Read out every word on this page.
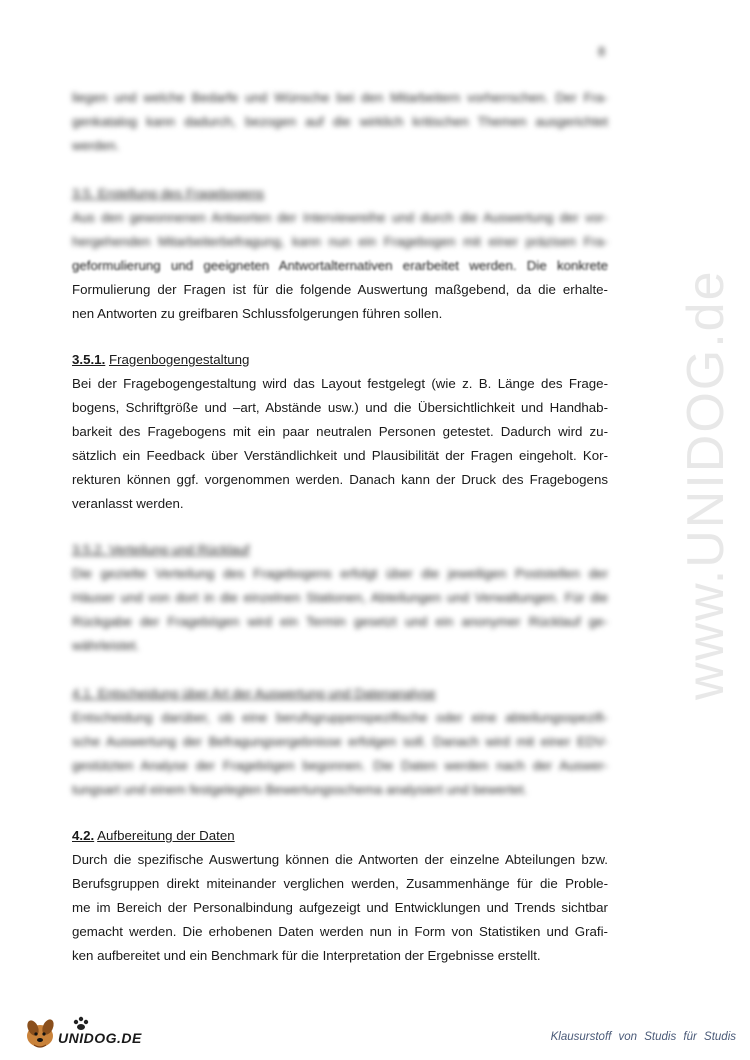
8
www.UNIDOG.de
liegen und welche Bedarfe und Wünsche bei den Mitarbeitern vorherrschen. Der Fra-
genkatalog kann dadurch, bezogen auf die wirklich kritischen Themen ausgerichtet
werden.
3.5. Erstellung des Fragebogens
Aus den gewonnenen Antworten der Interviewreihe und durch die Auswertung der vor-
hergehenden Mitarbeiterbefragung, kann nun ein Fragebogen mit einer präzisen Fra-
geformulierung und geeigneten Antwortalternativen erarbeitet werden. Die konkrete
Formulierung der Fragen ist für die folgende Auswertung maßgebend, da die erhalte-
nen Antworten zu greifbaren Schlussfolgerungen führen sollen.
3.5.1. Fragenbogengestaltung
Bei der Fragebogengestaltung wird das Layout festgelegt (wie z. B. Länge des Frage-
bogens, Schriftgröße und –art, Abstände usw.) und die Übersichtlichkeit und Handhab-
barkeit des Fragebogens mit ein paar neutralen Personen getestet. Dadurch wird zu-
sätzlich ein Feedback über Verständlichkeit und Plausibilität der Fragen eingeholt. Kor-
rekturen können ggf. vorgenommen werden. Danach kann der Druck des Fragebogens
veranlasst werden.
3.5.2. Verteilung und Rücklauf
Die gezielte Verteilung des Fragebogens erfolgt über die jeweiligen Poststellen der
Häuser und von dort in die einzelnen Stationen, Abteilungen und Verwaltungen. Für die
Rückgabe der Fragebögen wird ein Termin gesetzt und ein anonymer Rücklauf ge-
währleistet.
4.1. Entscheidung über Art der Auswertung und Datenanalyse
Entscheidung darüber, ob eine berufsgruppenspezifische oder eine abteilungsspezifi-
sche Auswertung der Befragungsergebnisse erfolgen soll. Danach wird mit einer EDV-
gestützten Analyse der Fragebögen begonnen. Die Daten werden nach der Auswer-
tungsart und einem festgelegten Bewertungsschema analysiert und bewertet.
4.2. Aufbereitung der Daten
Durch die spezifische Auswertung können die Antworten der einzelne Abteilungen bzw.
Berufsgruppen direkt miteinander verglichen werden, Zusammenhänge für die Proble-
me im Bereich der Personalbindung aufgezeigt und Entwicklungen und Trends sichtbar
gemacht werden. Die erhobenen Daten werden nun in Form von Statistiken und Grafi-
ken aufbereitet und ein Benchmark für die Interpretation der Ergebnisse erstellt.
UNIDOG.DE	Klausurstoff von Studis für Studis
